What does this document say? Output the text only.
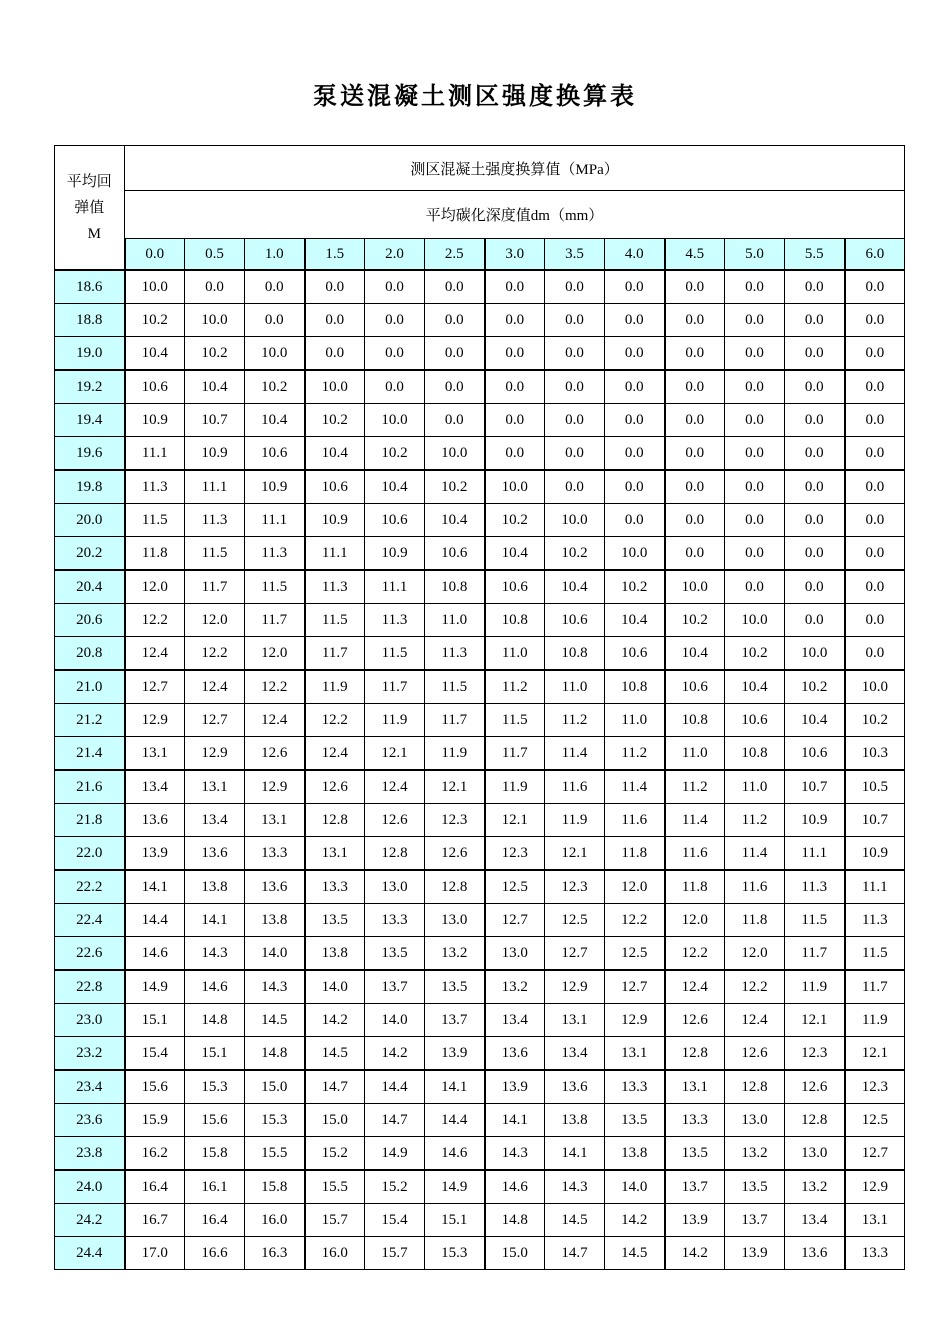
泵送混凝土测区强度换算表
平均回
弹值
M	测区混凝土强度换算值（MPa）												
	平均碳化深度值dm（mm）												
	0.0	0.5	1.0	1.5	2.0	2.5	3.0	3.5	4.0	4.5	5.0	5.5	6.0
18.6	10.0	0.0	0.0	0.0	0.0	0.0	0.0	0.0	0.0	0.0	0.0	0.0	0.0
18.8	10.2	10.0	0.0	0.0	0.0	0.0	0.0	0.0	0.0	0.0	0.0	0.0	0.0
19.0	10.4	10.2	10.0	0.0	0.0	0.0	0.0	0.0	0.0	0.0	0.0	0.0	0.0
19.2	10.6	10.4	10.2	10.0	0.0	0.0	0.0	0.0	0.0	0.0	0.0	0.0	0.0
19.4	10.9	10.7	10.4	10.2	10.0	0.0	0.0	0.0	0.0	0.0	0.0	0.0	0.0
19.6	11.1	10.9	10.6	10.4	10.2	10.0	0.0	0.0	0.0	0.0	0.0	0.0	0.0
19.8	11.3	11.1	10.9	10.6	10.4	10.2	10.0	0.0	0.0	0.0	0.0	0.0	0.0
20.0	11.5	11.3	11.1	10.9	10.6	10.4	10.2	10.0	0.0	0.0	0.0	0.0	0.0
20.2	11.8	11.5	11.3	11.1	10.9	10.6	10.4	10.2	10.0	0.0	0.0	0.0	0.0
20.4	12.0	11.7	11.5	11.3	11.1	10.8	10.6	10.4	10.2	10.0	0.0	0.0	0.0
20.6	12.2	12.0	11.7	11.5	11.3	11.0	10.8	10.6	10.4	10.2	10.0	0.0	0.0
20.8	12.4	12.2	12.0	11.7	11.5	11.3	11.0	10.8	10.6	10.4	10.2	10.0	0.0
21.0	12.7	12.4	12.2	11.9	11.7	11.5	11.2	11.0	10.8	10.6	10.4	10.2	10.0
21.2	12.9	12.7	12.4	12.2	11.9	11.7	11.5	11.2	11.0	10.8	10.6	10.4	10.2
21.4	13.1	12.9	12.6	12.4	12.1	11.9	11.7	11.4	11.2	11.0	10.8	10.6	10.3
21.6	13.4	13.1	12.9	12.6	12.4	12.1	11.9	11.6	11.4	11.2	11.0	10.7	10.5
21.8	13.6	13.4	13.1	12.8	12.6	12.3	12.1	11.9	11.6	11.4	11.2	10.9	10.7
22.0	13.9	13.6	13.3	13.1	12.8	12.6	12.3	12.1	11.8	11.6	11.4	11.1	10.9
22.2	14.1	13.8	13.6	13.3	13.0	12.8	12.5	12.3	12.0	11.8	11.6	11.3	11.1
22.4	14.4	14.1	13.8	13.5	13.3	13.0	12.7	12.5	12.2	12.0	11.8	11.5	11.3
22.6	14.6	14.3	14.0	13.8	13.5	13.2	13.0	12.7	12.5	12.2	12.0	11.7	11.5
22.8	14.9	14.6	14.3	14.0	13.7	13.5	13.2	12.9	12.7	12.4	12.2	11.9	11.7
23.0	15.1	14.8	14.5	14.2	14.0	13.7	13.4	13.1	12.9	12.6	12.4	12.1	11.9
23.2	15.4	15.1	14.8	14.5	14.2	13.9	13.6	13.4	13.1	12.8	12.6	12.3	12.1
23.4	15.6	15.3	15.0	14.7	14.4	14.1	13.9	13.6	13.3	13.1	12.8	12.6	12.3
23.6	15.9	15.6	15.3	15.0	14.7	14.4	14.1	13.8	13.5	13.3	13.0	12.8	12.5
23.8	16.2	15.8	15.5	15.2	14.9	14.6	14.3	14.1	13.8	13.5	13.2	13.0	12.7
24.0	16.4	16.1	15.8	15.5	15.2	14.9	14.6	14.3	14.0	13.7	13.5	13.2	12.9
24.2	16.7	16.4	16.0	15.7	15.4	15.1	14.8	14.5	14.2	13.9	13.7	13.4	13.1
24.4	17.0	16.6	16.3	16.0	15.7	15.3	15.0	14.7	14.5	14.2	13.9	13.6	13.3
